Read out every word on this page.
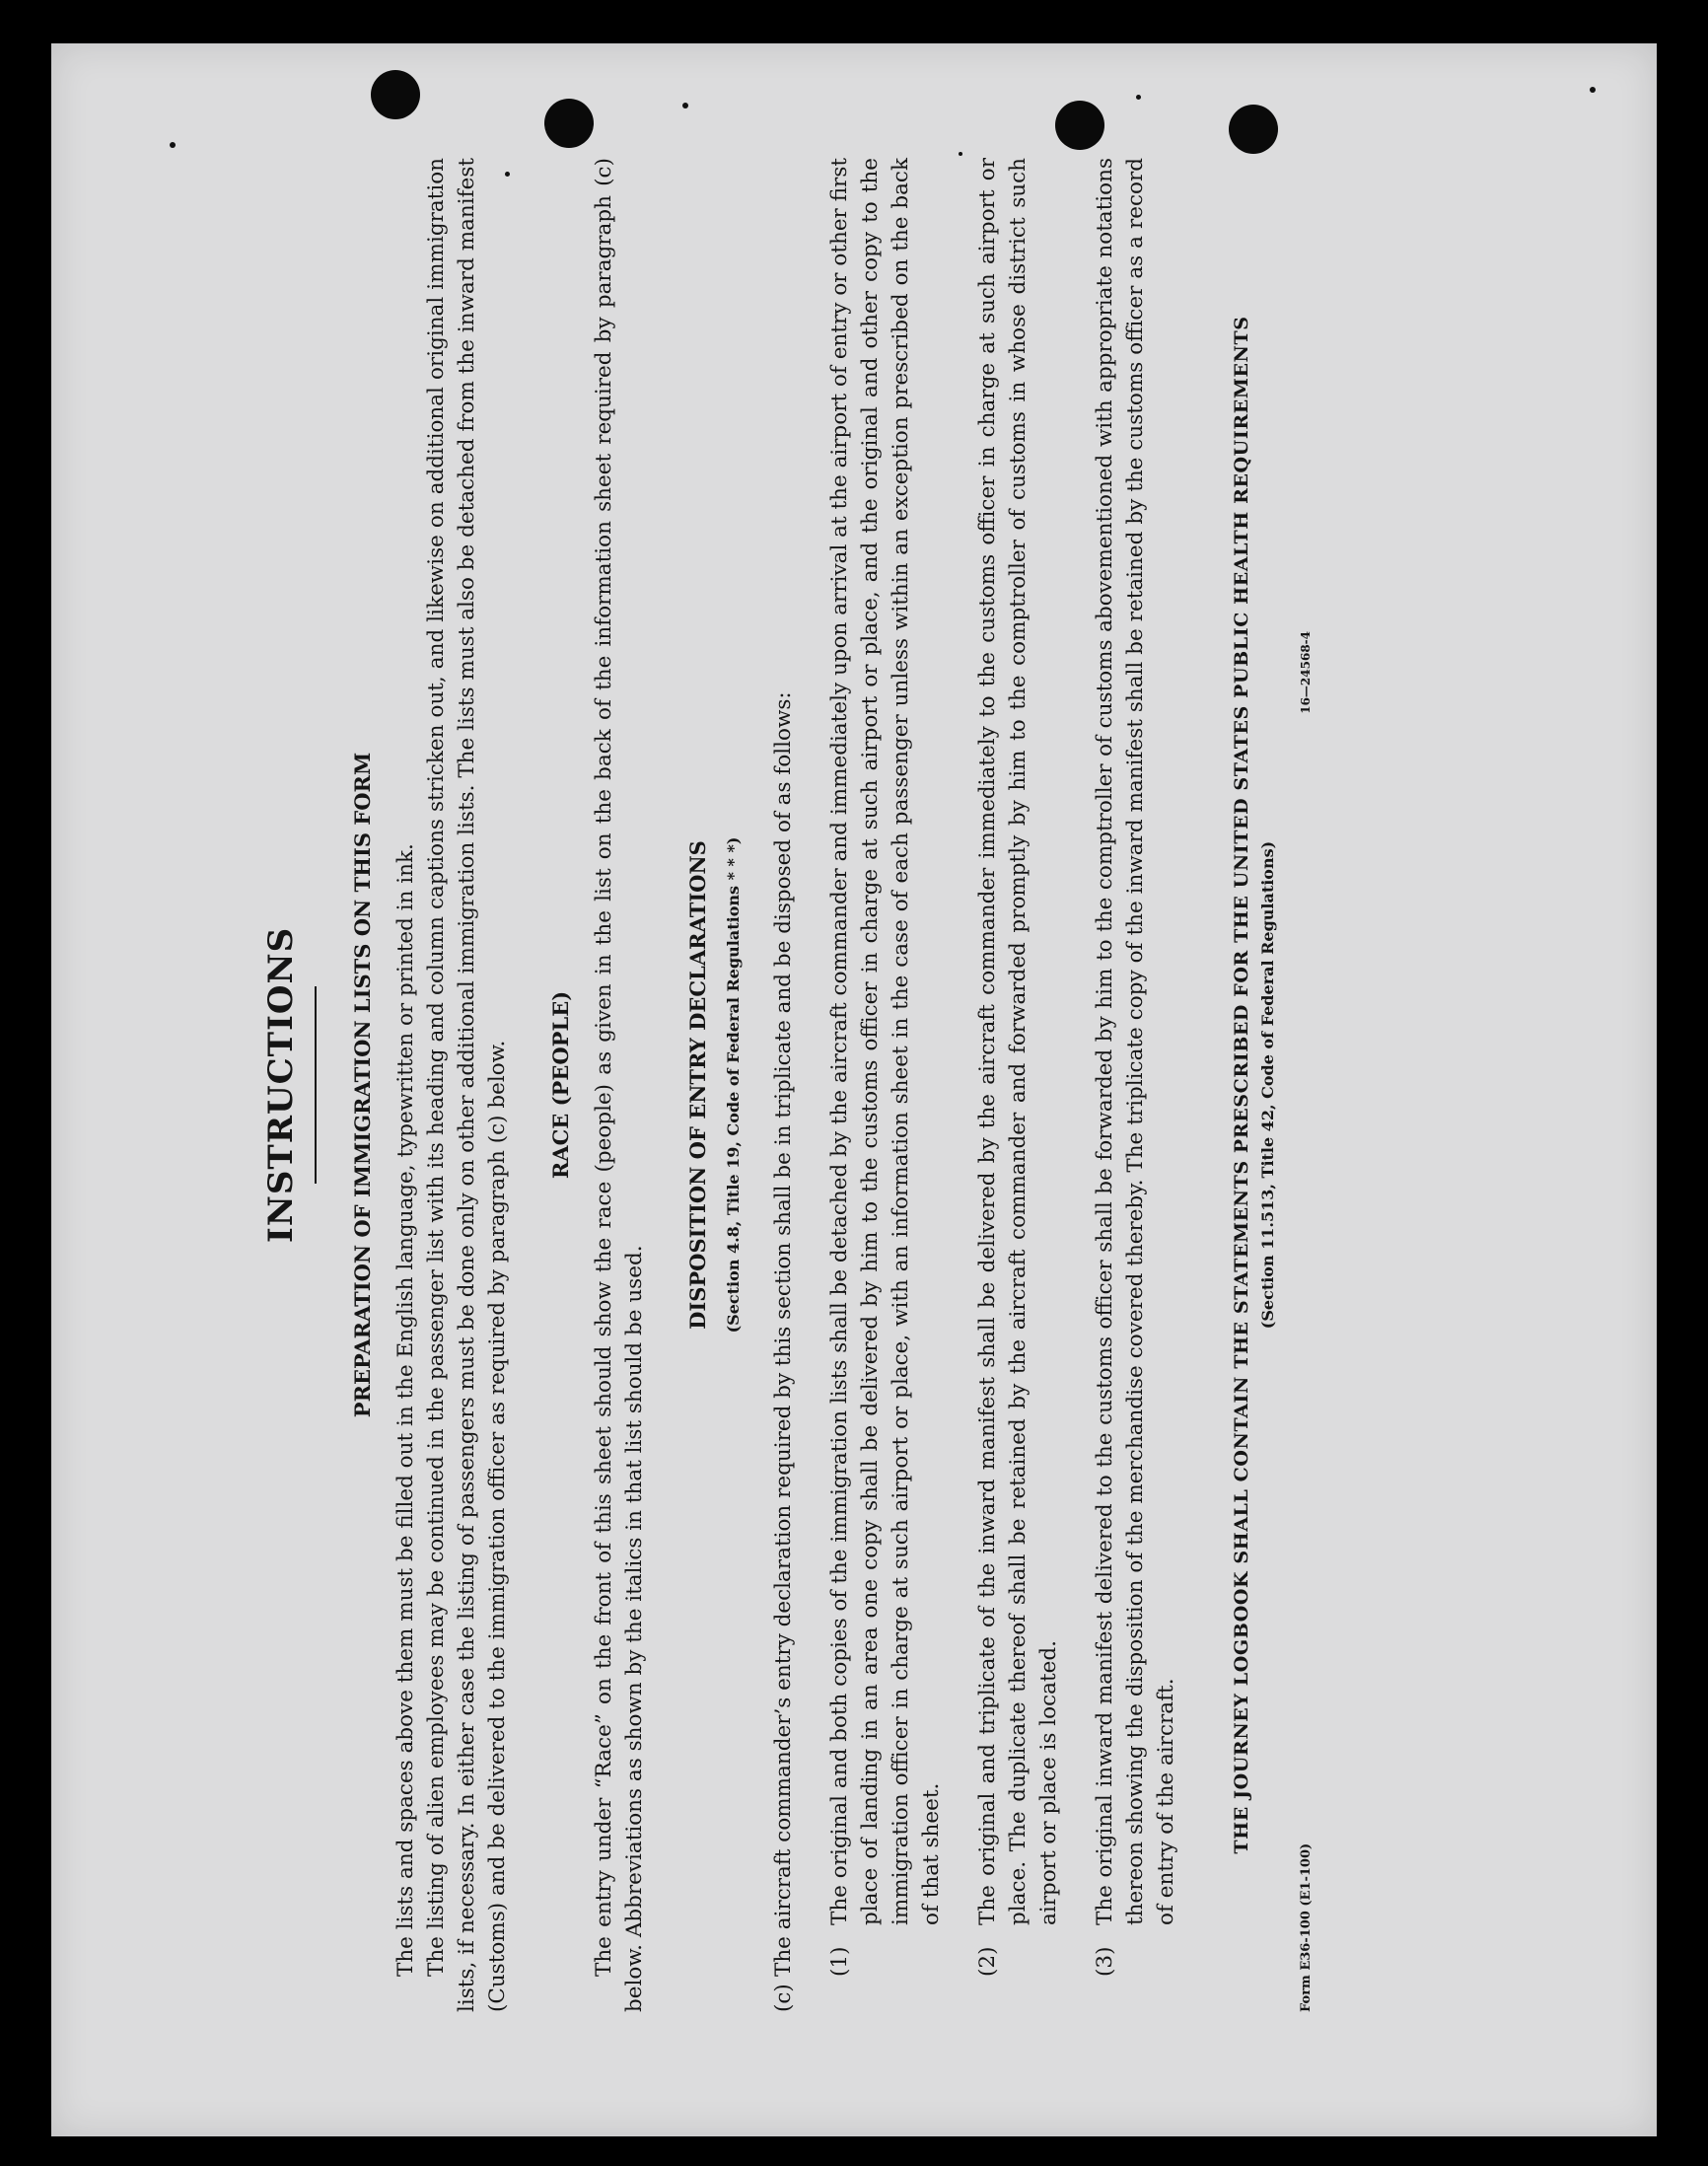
INSTRUCTIONS PREPARATION OF IMMIGRATION LISTS ON THIS FORM The lists and spaces above them must be filled out in the English language, typewritten or printed in ink. The listing of alien employees may be continued in the passenger list with its heading and column captions stricken out, and likewise on additional original immigration lists, if necessary. In either case the listing of passengers must be done only on other additional immigration lists. The lists must also be detached from the inward manifest (Customs) and be delivered to the immigration officer as required by paragraph (c) below. RACE (PEOPLE) The entry under “Race” on the front of this sheet should show the race (people) as given in the list on the back of the information sheet required by paragraph (c) below. Abbreviations as shown by the italics in that list should be used.

DISPOSITION OF ENTRY DECLARATIONS (Section 4.8, Title 19, Code of Federal Regulations * * *)
(c)
The aircraft commander’s entry declaration required by this section shall be in triplicate and be disposed of as follows: (1)
The original and both copies of the immigration lists shall be detached by the aircraft commander and immediately upon arrival at the airport of entry or other first place of landing in an area one copy shall be delivered by him to the customs officer in charge at such airport or place, and the original and other copy to the immigration officer in charge at such airport or place, with an information sheet in the case of each passenger unless within an exception prescribed on the back of that sheet.
(2)
The original and triplicate of the inward manifest shall be delivered by the aircraft commander immediately to the customs officer in charge at such airport or place. The duplicate thereof shall be retained by the aircraft commander and forwarded promptly by him to the comptroller of customs in whose district such airport or place is located.
(3)
The original inward manifest delivered to the customs officer shall be forwarded by him to the comptroller of customs abovementioned with appropriate notations thereon showing the disposition of the merchandise covered thereby. The triplicate copy of the inward manifest shall be retained by the customs officer as a record of entry of the aircraft.	THE JOURNEY LOGBOOK SHALL CONTAIN THE STATEMENTS PRESCRIBED FOR THE UNITED STATES PUBLIC HEALTH REQUIREMENTS (Section 11.513, Title 42, Code of Federal Regulations)
Form E36-100 (E1-100)
16—24568-4
